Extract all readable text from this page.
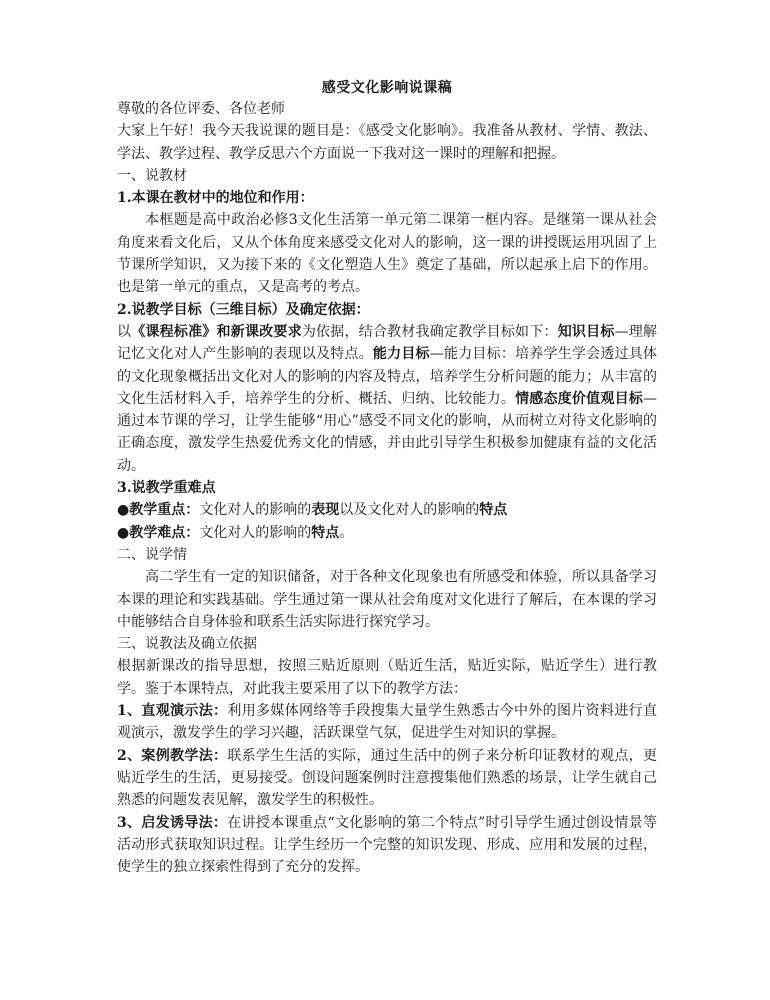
感受文化影响说课稿

尊敬的各位评委、各位老师

大家上午好！我今天我说课的题目是：《感受文化影响》。我准备从教材、学情、教法、学法、教学过程、教学反思六个方面说一下我对这一课时的理解和把握。

一、说教材

1.本课在教材中的地位和作用：

本框题是高中政治必修3文化生活第一单元第二课第一框内容。是继第一课从社会角度来看文化后，又从个体角度来感受文化对人的影响，这一课的讲授既运用巩固了上节课所学知识，又为接下来的《文化塑造人生》奠定了基础，所以起承上启下的作用。也是第一单元的重点，又是高考的考点。

2.说教学目标（三维目标）及确定依据：

以《课程标准》和新课改要求为依据，结合教材我确定教学目标如下：知识目标—理解记忆文化对人产生影响的表现以及特点。能力目标—能力目标：培养学生学会透过具体的文化现象概括出文化对人的影响的内容及特点，培养学生分析问题的能力；从丰富的文化生活材料入手，培养学生的分析、概括、归纳、比较能力。情感态度价值观目标—通过本节课的学习，让学生能够“用心”感受不同文化的影响，从而树立对待文化影响的正确态度，激发学生热爱优秀文化的情感，并由此引导学生积极参加健康有益的文化活动。

3.说教学重难点

●教学重点：文化对人的影响的表现以及文化对人的影响的特点

●教学难点：文化对人的影响的特点。

二、说学情

高二学生有一定的知识储备，对于各种文化现象也有所感受和体验，所以具备学习本课的理论和实践基础。学生通过第一课从社会角度对文化进行了解后，在本课的学习中能够结合自身体验和联系生活实际进行探究学习。

三、说教法及确立依据

根据新课改的指导思想，按照三贴近原则（贴近生活，贴近实际，贴近学生）进行教学。鉴于本课特点，对此我主要采用了以下的教学方法：

1、直观演示法：利用多媒体网络等手段搜集大量学生熟悉古今中外的图片资料进行直观演示，激发学生的学习兴趣，活跃课堂气氛，促进学生对知识的掌握。

2、案例教学法：联系学生生活的实际，通过生活中的例子来分析印证教材的观点，更贴近学生的生活，更易接受。创设问题案例时注意搜集他们熟悉的场景，让学生就自己熟悉的问题发表见解，激发学生的积极性。

3、启发诱导法：在讲授本课重点“文化影响的第二个特点”时引导学生通过创设情景等活动形式获取知识过程。让学生经历一个完整的知识发现、形成、应用和发展的过程，使学生的独立探索性得到了充分的发挥。
